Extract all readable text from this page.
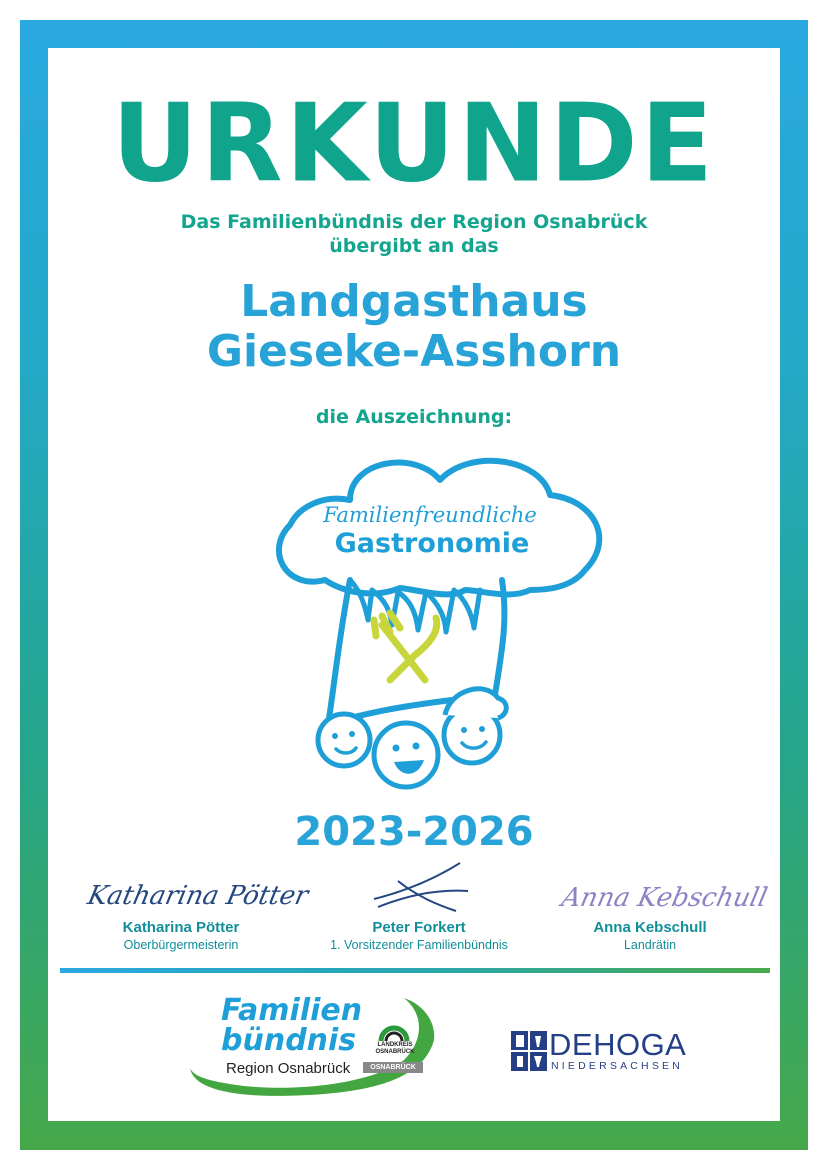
URKUNDE
Das Familienbündnis der Region Osnabrück
übergibt an das
Landgasthaus
Gieseke-Asshorn
die Auszeichnung:
Familienfreundliche
Gastronomie
2023-2026
Katharina Pötter
Peter Forkert
Anna Kebschull
Katharina Pötter
Oberbürgermeisterin
Peter Forkert
1. Vorsitzender Familienbündnis
Anna Kebschull
Landrätin
Familien
bündnis
Region Osnabrück
LANDKREIS
OSNABRÜCK
OSNABRÜCK
DEHOGA
NIEDERSACHSEN
